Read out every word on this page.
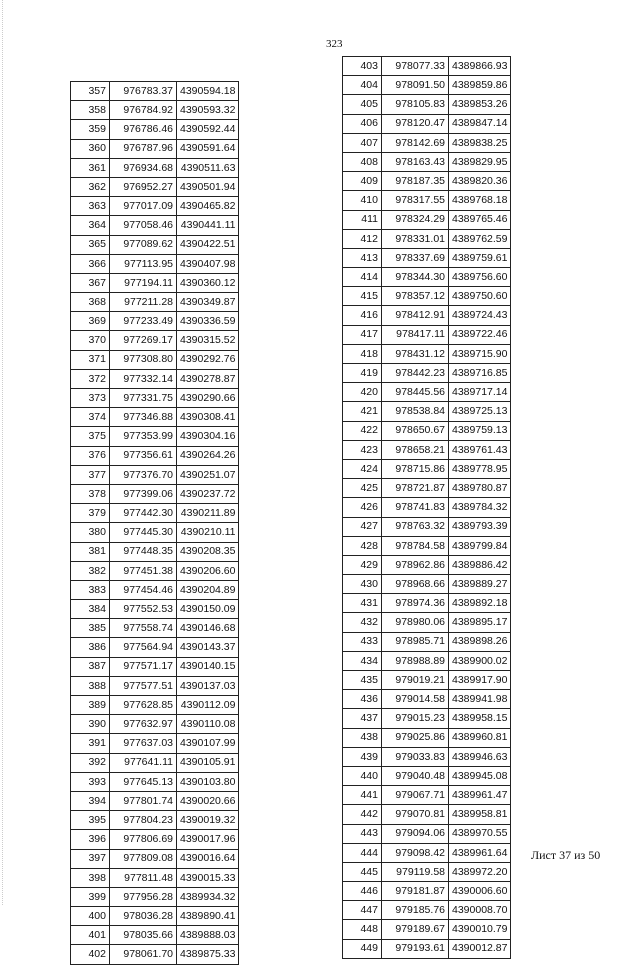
323
357	976783.37	4390594.18
358	976784.92	4390593.32
359	976786.46	4390592.44
360	976787.96	4390591.64
361	976934.68	4390511.63
362	976952.27	4390501.94
363	977017.09	4390465.82
364	977058.46	4390441.11
365	977089.62	4390422.51
366	977113.95	4390407.98
367	977194.11	4390360.12
368	977211.28	4390349.87
369	977233.49	4390336.59
370	977269.17	4390315.52
371	977308.80	4390292.76
372	977332.14	4390278.87
373	977331.75	4390290.66
374	977346.88	4390308.41
375	977353.99	4390304.16
376	977356.61	4390264.26
377	977376.70	4390251.07
378	977399.06	4390237.72
379	977442.30	4390211.89
380	977445.30	4390210.11
381	977448.35	4390208.35
382	977451.38	4390206.60
383	977454.46	4390204.89
384	977552.53	4390150.09
385	977558.74	4390146.68
386	977564.94	4390143.37
387	977571.17	4390140.15
388	977577.51	4390137.03
389	977628.85	4390112.09
390	977632.97	4390110.08
391	977637.03	4390107.99
392	977641.11	4390105.91
393	977645.13	4390103.80
394	977801.74	4390020.66
395	977804.23	4390019.32
396	977806.69	4390017.96
397	977809.08	4390016.64
398	977811.48	4390015.33
399	977956.28	4389934.32
400	978036.28	4389890.41
401	978035.66	4389888.03
402	978061.70	4389875.33
403	978077.33	4389866.93
404	978091.50	4389859.86
405	978105.83	4389853.26
406	978120.47	4389847.14
407	978142.69	4389838.25
408	978163.43	4389829.95
409	978187.35	4389820.36
410	978317.55	4389768.18
411	978324.29	4389765.46
412	978331.01	4389762.59
413	978337.69	4389759.61
414	978344.30	4389756.60
415	978357.12	4389750.60
416	978412.91	4389724.43
417	978417.11	4389722.46
418	978431.12	4389715.90
419	978442.23	4389716.85
420	978445.56	4389717.14
421	978538.84	4389725.13
422	978650.67	4389759.13
423	978658.21	4389761.43
424	978715.86	4389778.95
425	978721.87	4389780.87
426	978741.83	4389784.32
427	978763.32	4389793.39
428	978784.58	4389799.84
429	978962.86	4389886.42
430	978968.66	4389889.27
431	978974.36	4389892.18
432	978980.06	4389895.17
433	978985.71	4389898.26
434	978988.89	4389900.02
435	979019.21	4389917.90
436	979014.58	4389941.98
437	979015.23	4389958.15
438	979025.86	4389960.81
439	979033.83	4389946.63
440	979040.48	4389945.08
441	979067.71	4389961.47
442	979070.81	4389958.81
443	979094.06	4389970.55
444	979098.42	4389961.64
445	979119.58	4389972.20
446	979181.87	4390006.60
447	979185.76	4390008.70
448	979189.67	4390010.79
449	979193.61	4390012.87
Лист 37 из 50
